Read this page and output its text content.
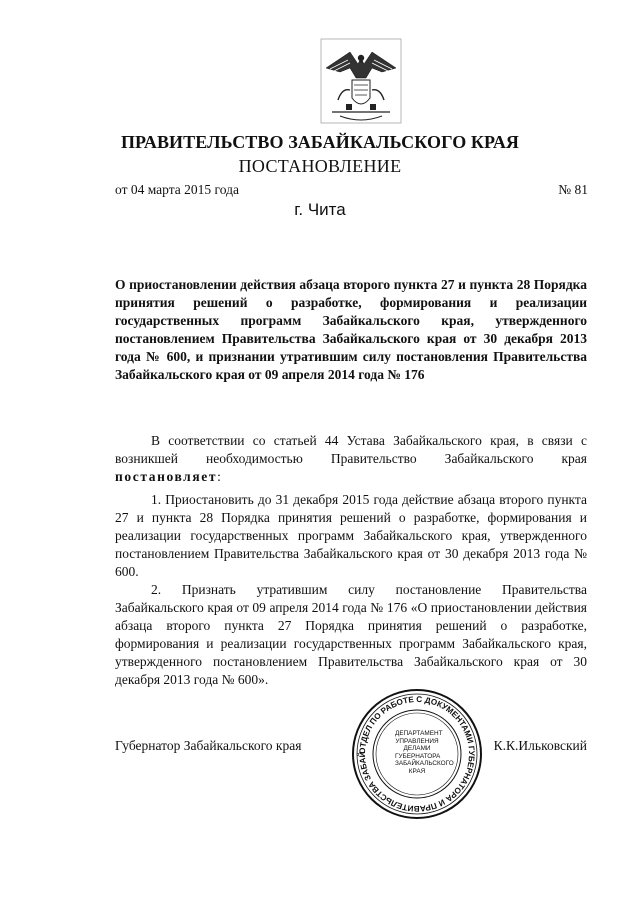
ПРАВИТЕЛЬСТВО ЗАБАЙКАЛЬСКОГО КРАЯ
ПОСТАНОВЛЕНИЕ
от 04 марта 2015 года	№ 81
г. Чита
О приостановлении действия абзаца второго пункта 27 и пункта 28 Порядка принятия решений о разработке, формирования и реализации государственных программ Забайкальского края, утвержденного постановлением Правительства Забайкальского края от 30 декабря 2013 года № 600, и признании утратившим силу постановления Правительства Забайкальского края от 09 апреля 2014 года № 176
В соответствии со статьей 44 Устава Забайкальского края, в связи с возникшей необходимостью Правительство Забайкальского края постановляет:
1. Приостановить до 31 декабря 2015 года действие абзаца второго пункта 27 и пункта 28 Порядка принятия решений о разработке, формирования и реализации государственных программ Забайкальского края, утвержденного постановлением Правительства Забайкальского края от 30 декабря 2013 года № 600.
2. Признать утратившим силу постановление Правительства Забайкальского края от 09 апреля 2014 года № 176 «О приостановлении действия абзаца второго пункта 27 Порядка принятия решений о разработке, формирования и реализации государственных программ Забайкальского края, утвержденного постановлением Правительства Забайкальского края от 30 декабря 2013 года № 600».
Губернатор Забайкальского края	К.К.Ильковский
ОТДЕЛ ПО РАБОТЕ С ДОКУМЕНТАМИ ГУБЕРНАТОРА И ПРАВИТЕЛЬСТВА ЗАБАЙ
ДЕПАРТАМЕНТ УПРАВЛЕНИЯ ДЕЛАМИ ГУБЕРНАТОРА ЗАБАЙКАЛЬСКОГО КРАЯ
